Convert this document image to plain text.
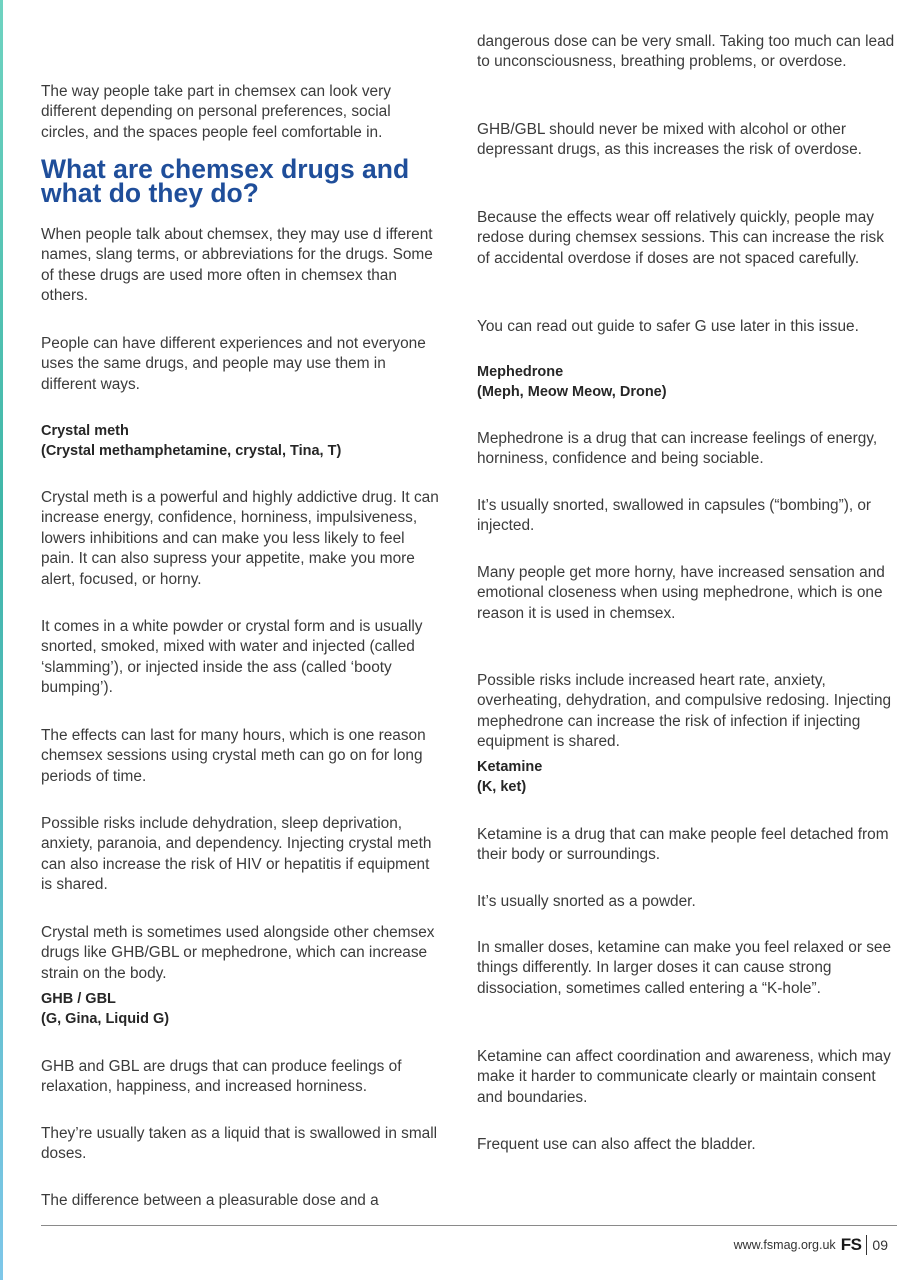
The way people take part in chemsex can look very different depending on personal preferences, social circles, and the spaces people feel comfortable in.

What are chemsex drugs and what do they do?

When people talk about chemsex, they may use d ifferent names, slang terms, or abbreviations for the drugs. Some of these drugs are used more often in chemsex than others.

People can have different experiences and not everyone uses the same drugs, and people may use them in different ways.

Crystal meth
(Crystal methamphetamine, crystal, Tina, T)

Crystal meth is a powerful and highly addictive drug. It can increase energy, confidence, horniness, impulsiveness, lowers inhibitions and can make you less likely to feel pain. It can also supress your appetite, make you more alert, focused, or horny.

It comes in a white powder or crystal form and is usually snorted, smoked, mixed with water and injected (called ‘slamming’), or injected inside the ass (called ‘booty bumping’).

The effects can last for many hours, which is one reason chemsex sessions using crystal meth can go on for long periods of time.

Possible risks include dehydration, sleep deprivation, anxiety, paranoia, and dependency. Injecting crystal meth can also increase the risk of HIV or hepatitis if equipment is shared.

Crystal meth is sometimes used alongside other chemsex drugs like GHB/GBL or mephedrone, which can increase strain on the body.

GHB / GBL
(G, Gina, Liquid G)

GHB and GBL are drugs that can produce feelings of relaxation, happiness, and increased horniness.

They’re usually taken as a liquid that is swallowed in small doses.

The difference between a pleasurable dose and a

dangerous dose can be very small. Taking too much can lead to unconsciousness, breathing problems, or overdose.

GHB/GBL should never be mixed with alcohol or other depressant drugs, as this increases the risk of overdose.

Because the effects wear off relatively quickly, people may redose during chemsex sessions. This can increase the risk of accidental overdose if doses are not spaced carefully.

You can read out guide to safer G use later in this issue.

Mephedrone
(Meph, Meow Meow, Drone)

Mephedrone is a drug that can increase feelings of energy, horniness, confidence and being sociable.

It’s usually snorted, swallowed in capsules (“bombing”), or injected.

Many people get more horny, have increased sensation and emotional closeness when using mephedrone, which is one reason it is used in chemsex.

Possible risks include increased heart rate, anxiety, overheating, dehydration, and compulsive redosing. Injecting mephedrone can increase the risk of infection if injecting equipment is shared.

Ketamine
(K, ket)

Ketamine is a drug that can make people feel detached from their body or surroundings.

It’s usually snorted as a powder.

In smaller doses, ketamine can make you feel relaxed or see things differently. In larger doses it can cause strong dissociation, sometimes called entering a “K-hole”.

Ketamine can affect coordination and awareness, which may make it harder to communicate clearly or maintain consent and boundaries.

Frequent use can also affect the bladder.

www.fsmag.org.uk FS 09
